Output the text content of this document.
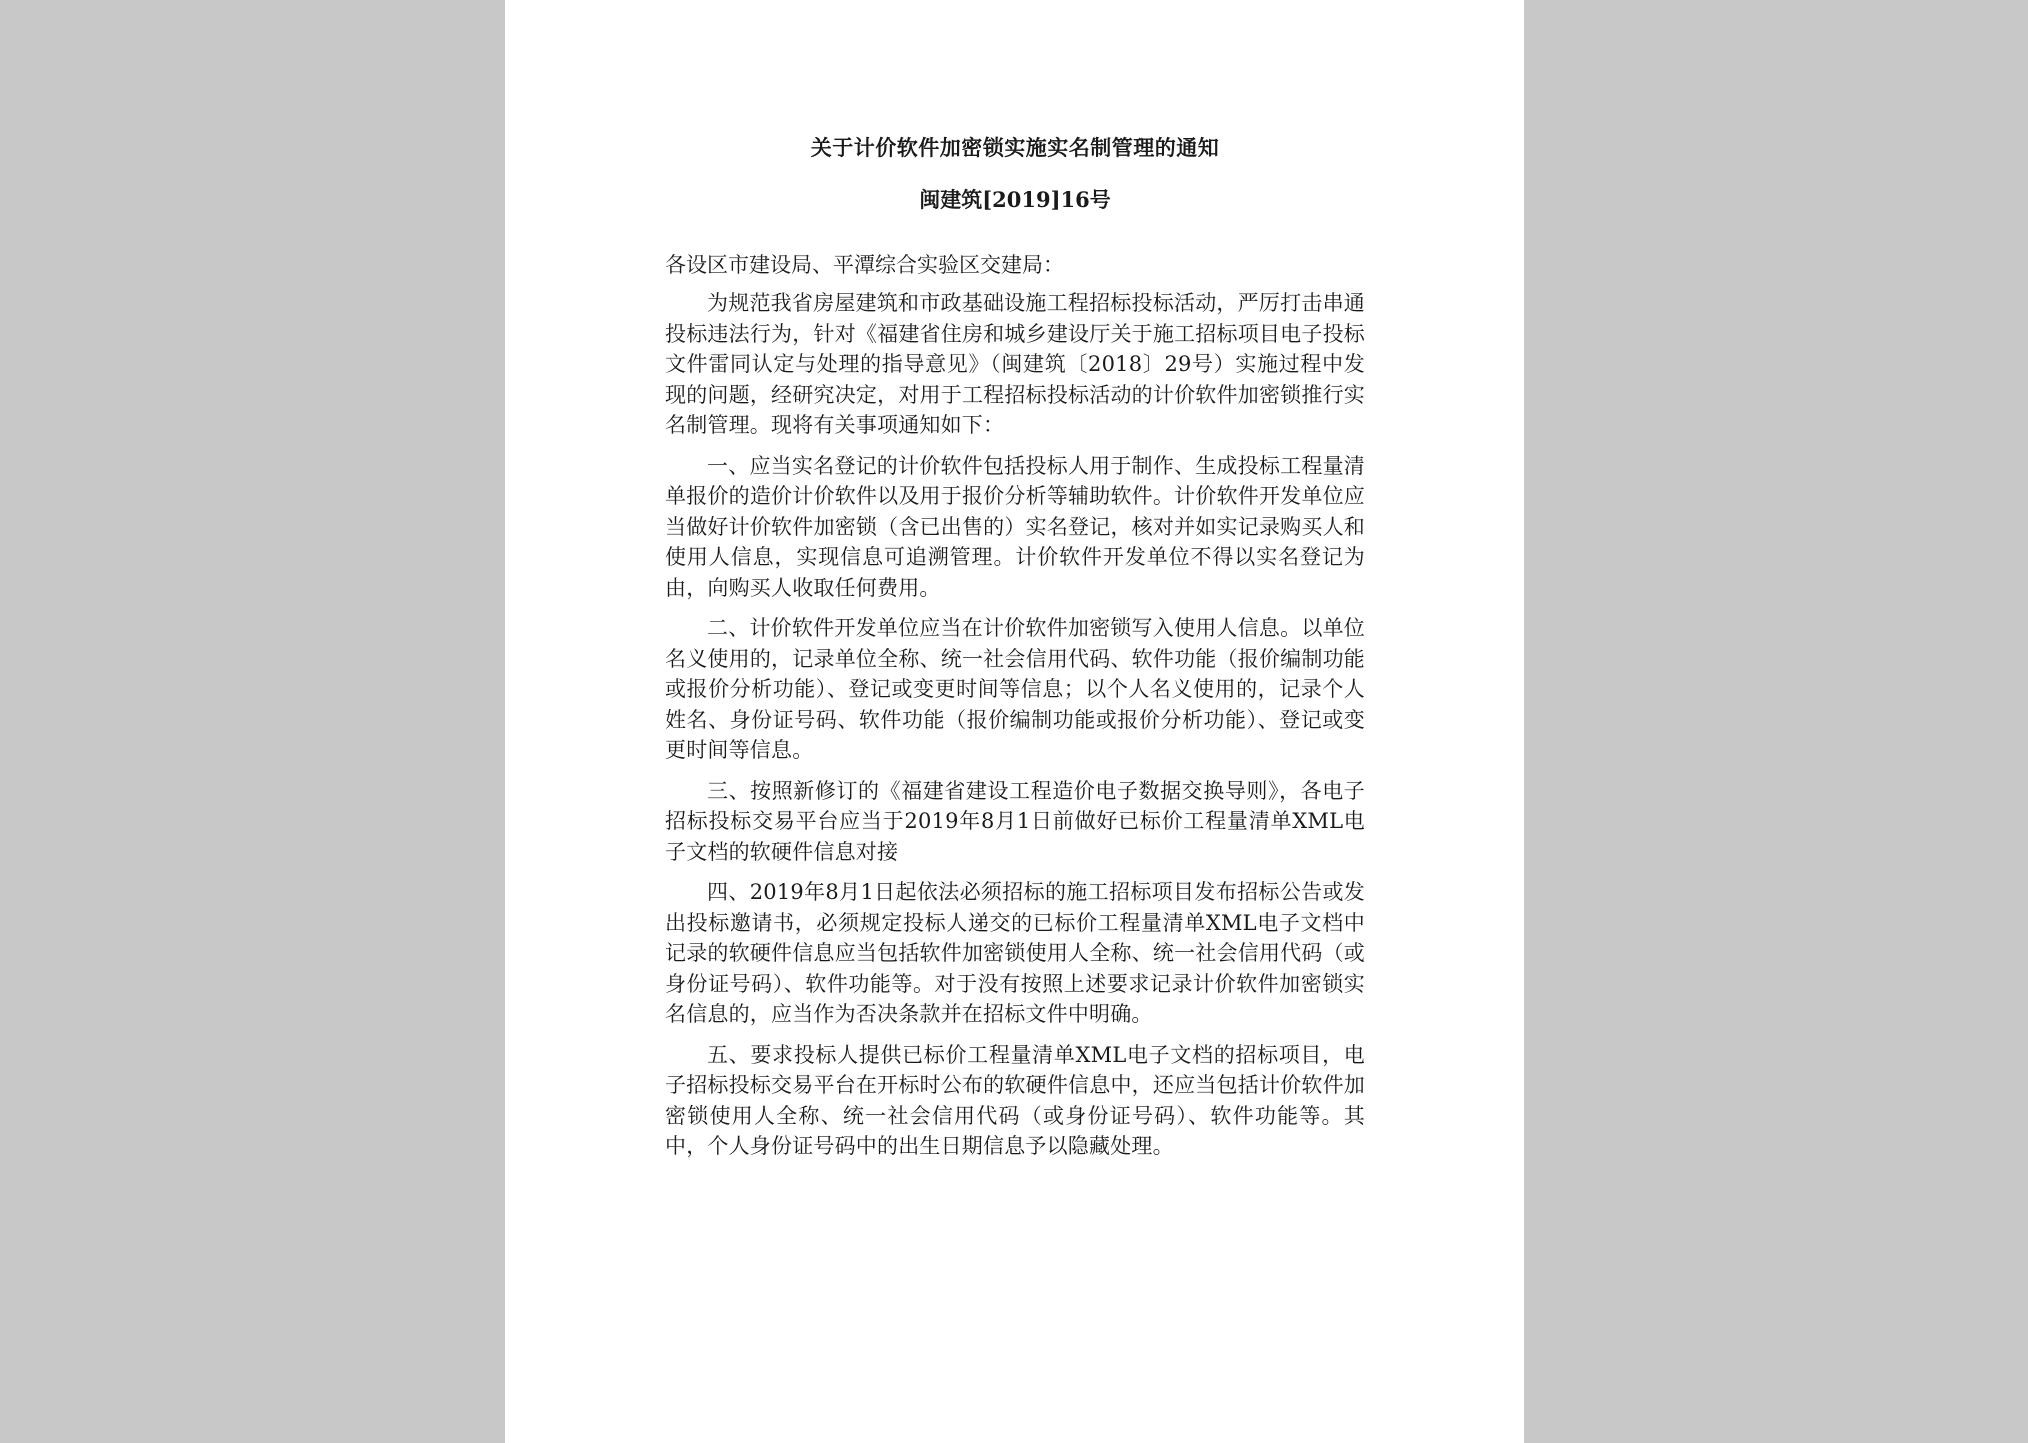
关于计价软件加密锁实施实名制管理的通知

闽建筑[2019]16号

各设区市建设局、平潭综合实验区交建局：

为规范我省房屋建筑和市政基础设施工程招标投标活动，严厉打击串通投标违法行为，针对《福建省住房和城乡建设厅关于施工招标项目电子投标文件雷同认定与处理的指导意见》（闽建筑〔2018〕29号）实施过程中发现的问题，经研究决定，对用于工程招标投标活动的计价软件加密锁推行实名制管理。现将有关事项通知如下：

一、应当实名登记的计价软件包括投标人用于制作、生成投标工程量清单报价的造价计价软件以及用于报价分析等辅助软件。计价软件开发单位应当做好计价软件加密锁（含已出售的）实名登记，核对并如实记录购买人和使用人信息，实现信息可追溯管理。计价软件开发单位不得以实名登记为由，向购买人收取任何费用。

二、计价软件开发单位应当在计价软件加密锁写入使用人信息。以单位名义使用的，记录单位全称、统一社会信用代码、软件功能（报价编制功能或报价分析功能）、登记或变更时间等信息；以个人名义使用的，记录个人姓名、身份证号码、软件功能（报价编制功能或报价分析功能）、登记或变更时间等信息。

三、按照新修订的《福建省建设工程造价电子数据交换导则》，各电子招标投标交易平台应当于2019年8月1日前做好已标价工程量清单XML电子文档的软硬件信息对接

四、2019年8月1日起依法必须招标的施工招标项目发布招标公告或发出投标邀请书，必须规定投标人递交的已标价工程量清单XML电子文档中记录的软硬件信息应当包括软件加密锁使用人全称、统一社会信用代码（或身份证号码）、软件功能等。对于没有按照上述要求记录计价软件加密锁实名信息的，应当作为否决条款并在招标文件中明确。

五、要求投标人提供已标价工程量清单XML电子文档的招标项目，电子招标投标交易平台在开标时公布的软硬件信息中，还应当包括计价软件加密锁使用人全称、统一社会信用代码（或身份证号码）、软件功能等。其中，个人身份证号码中的出生日期信息予以隐藏处理。
